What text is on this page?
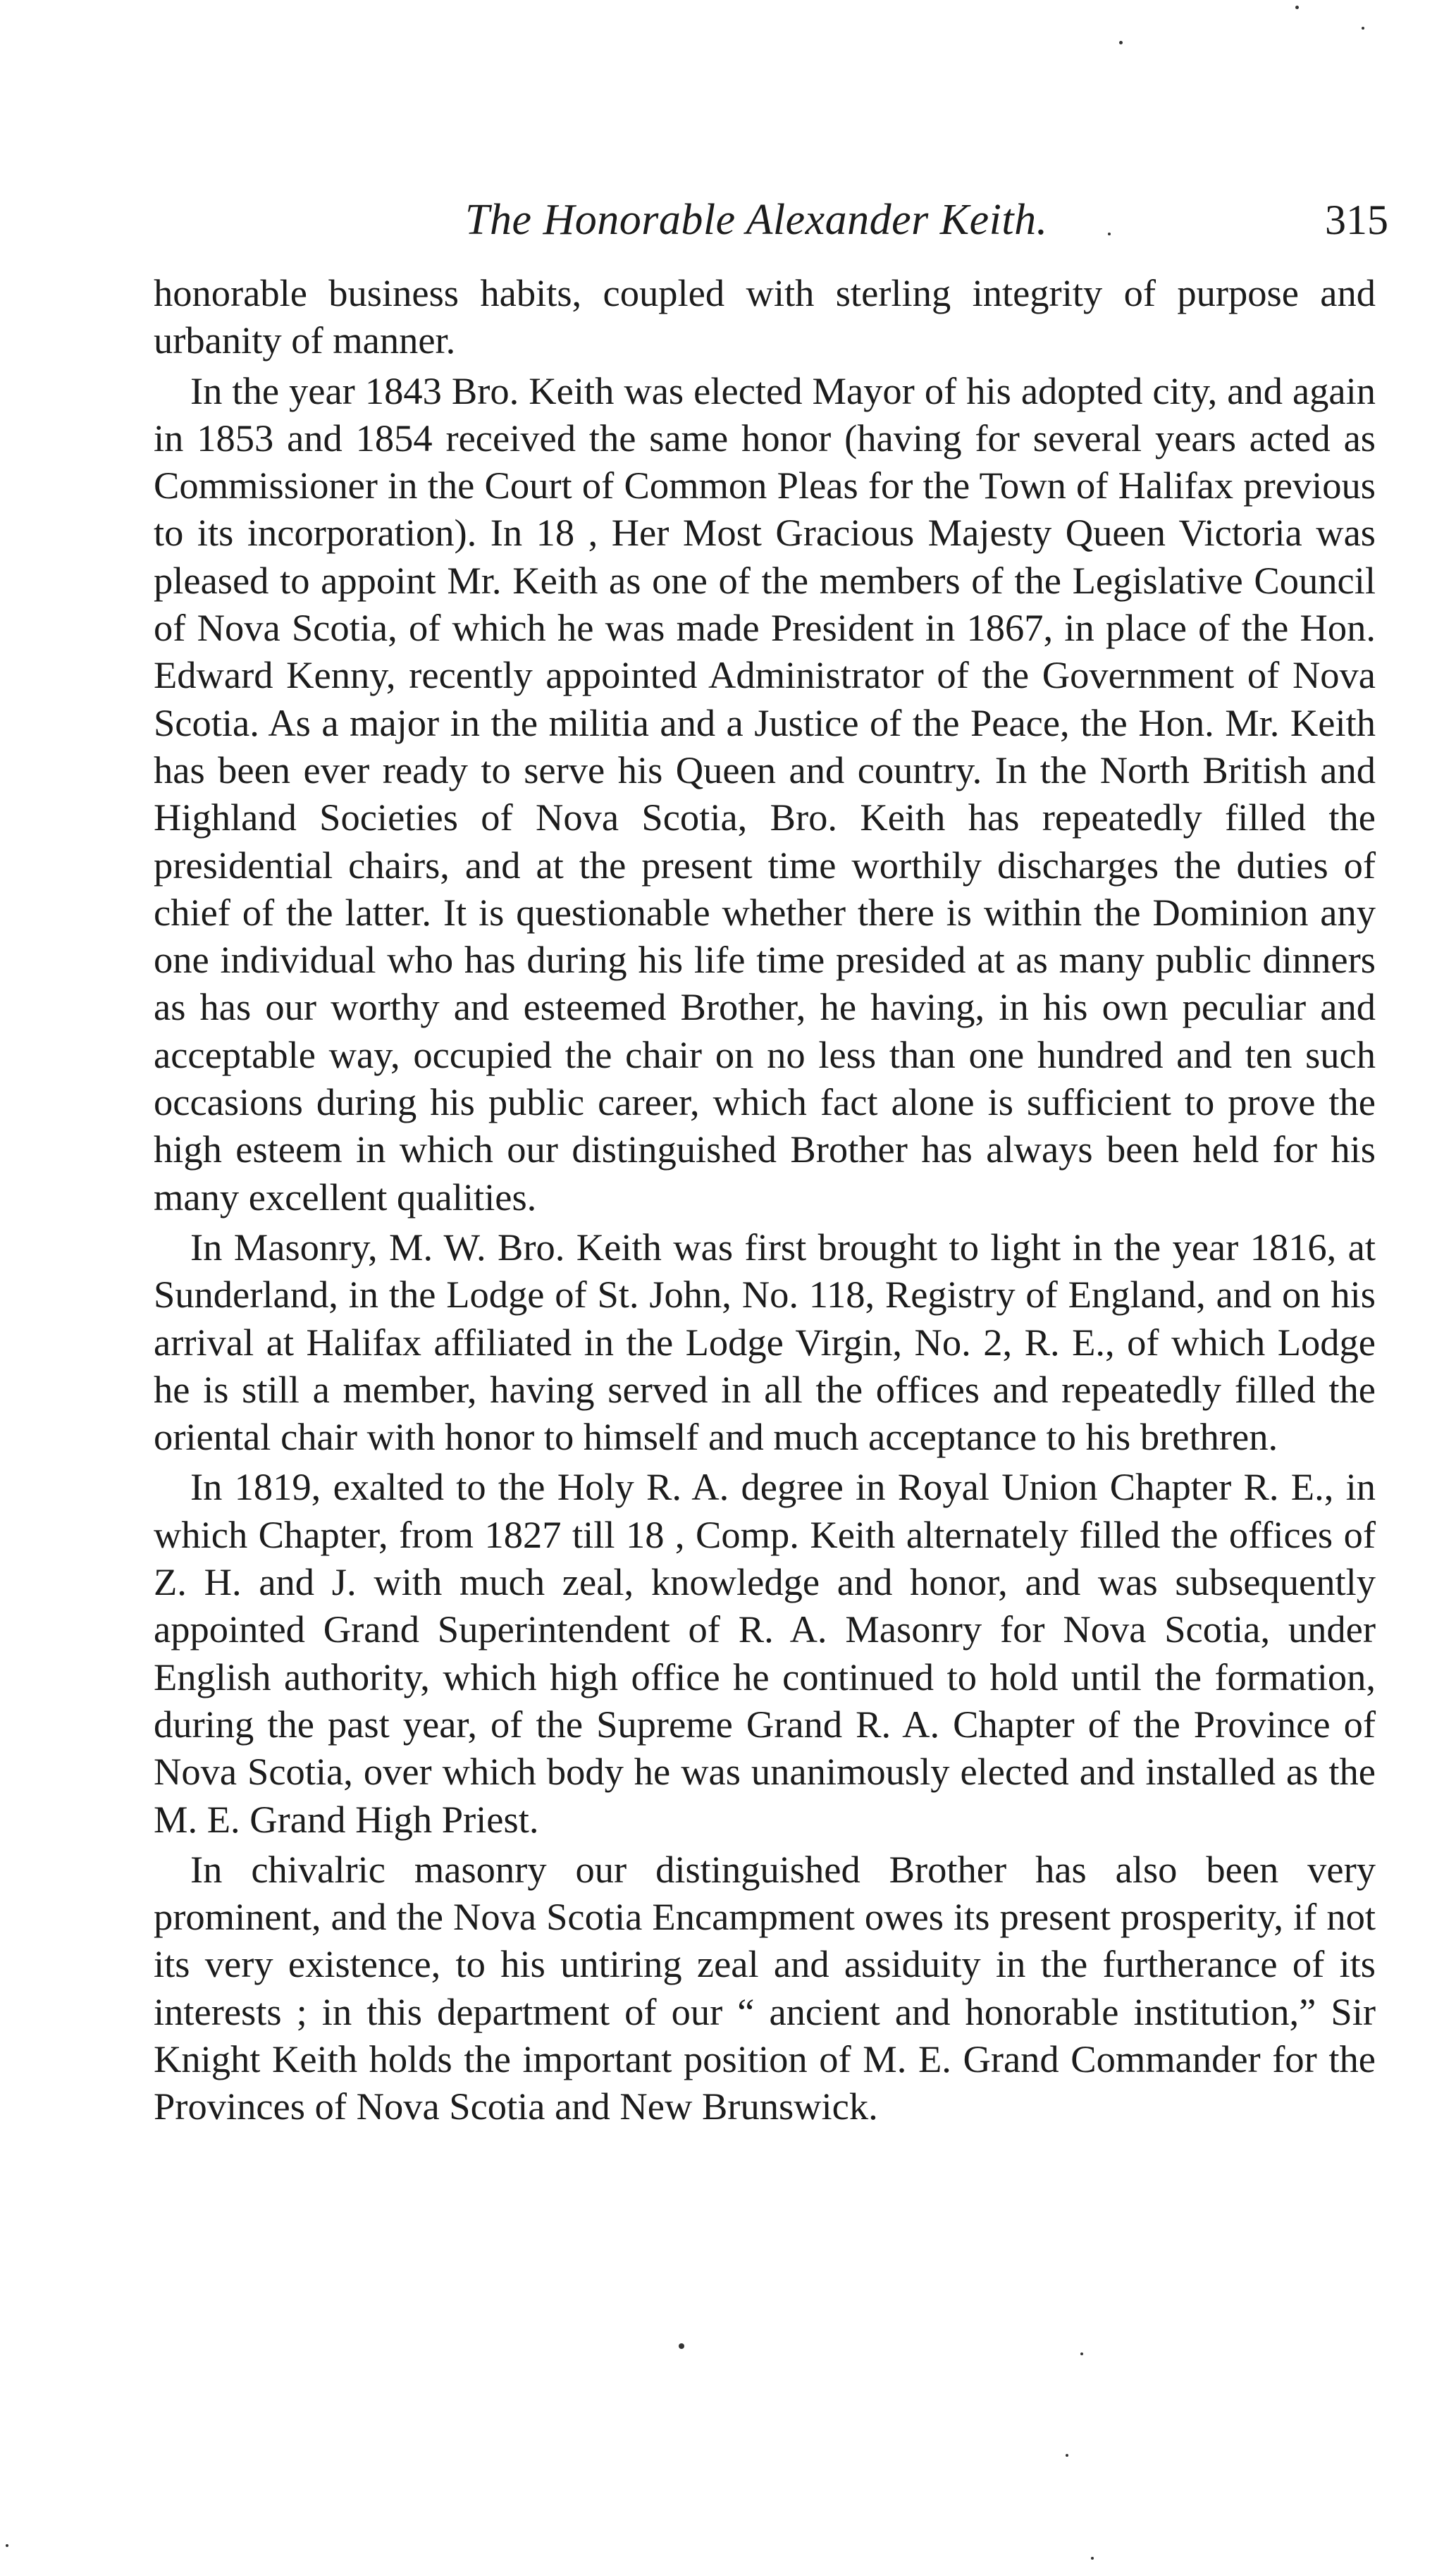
The Honorable Alexander Keith.	315

honorable business habits, coupled with sterling integrity of purpose and urbanity of manner.

In the year 1843 Bro. Keith was elected Mayor of his adopted city, and again in 1853 and 1854 received the same honor (having for several years acted as Commissioner in the Court of Common Pleas for the Town of Halifax previous to its incorporation). In 18 , Her Most Gracious Majesty Queen Victoria was pleased to appoint Mr. Keith as one of the members of the Legislative Council of Nova Scotia, of which he was made President in 1867, in place of the Hon. Edward Kenny, recently appointed Administrator of the Government of Nova Scotia. As a major in the militia and a Justice of the Peace, the Hon. Mr. Keith has been ever ready to serve his Queen and country. In the North British and Highland Societies of Nova Scotia, Bro. Keith has repeatedly filled the presidential chairs, and at the present time worthily discharges the duties of chief of the latter. It is questionable whether there is within the Dominion any one individual who has during his life time presided at as many public dinners as has our worthy and esteemed Brother, he having, in his own peculiar and acceptable way, occupied the chair on no less than one hundred and ten such occasions during his public career, which fact alone is sufficient to prove the high esteem in which our distinguished Brother has always been held for his many excellent qualities.

In Masonry, M. W. Bro. Keith was first brought to light in the year 1816, at Sunderland, in the Lodge of St. John, No. 118, Registry of England, and on his arrival at Halifax affiliated in the Lodge Virgin, No. 2, R. E., of which Lodge he is still a member, having served in all the offices and repeatedly filled the oriental chair with honor to himself and much acceptance to his brethren.

In 1819, exalted to the Holy R. A. degree in Royal Union Chapter R. E., in which Chapter, from 1827 till 18 , Comp. Keith alternately filled the offices of Z. H. and J. with much zeal, knowledge and honor, and was subsequently appointed Grand Superintendent of R. A. Masonry for Nova Scotia, under English authority, which high office he continued to hold until the formation, during the past year, of the Supreme Grand R. A. Chapter of the Province of Nova Scotia, over which body he was unanimously elected and installed as the M. E. Grand High Priest.

In chivalric masonry our distinguished Brother has also been very prominent, and the Nova Scotia Encampment owes its present prosperity, if not its very existence, to his untiring zeal and assiduity in the furtherance of its interests ; in this department of our “ ancient and honorable institution,” Sir Knight Keith holds the important position of M. E. Grand Commander for the Provinces of Nova Scotia and New Brunswick.
